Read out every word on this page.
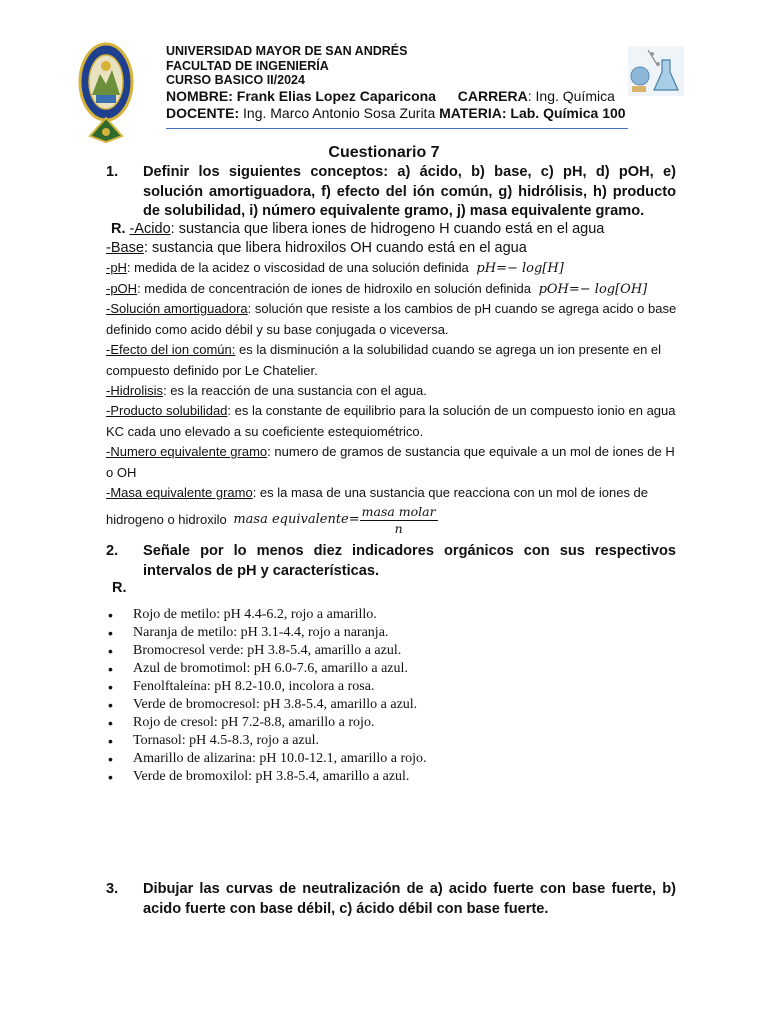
UNIVERSIDAD MAYOR DE SAN ANDRÉS
FACULTAD DE INGENIERÍA
CURSO BASICO II/2024
NOMBRE: Frank Elias Lopez Caparicona CARRERA: Ing. Química
DOCENTE: Ing. Marco Antonio Sosa Zurita MATERIA: Lab. Química 100
Cuestionario 7
1. Definir los siguientes conceptos: a) ácido, b) base, c) pH, d) pOH, e) solución amortiguadora, f) efecto del ión común, g) hidrólisis, h) producto de solubilidad, i) número equivalente gramo, j) masa equivalente gramo.
R. -Acido: sustancia que libera iones de hidrogeno H cuando está en el agua
-Base: sustancia que libera hidroxilos OH cuando está en el agua
-pH: medida de la acidez o viscosidad de una solución definida pH=− log[H]
-pOH: medida de concentración de iones de hidroxilo en solución definida pOH=− log[OH]
-Solución amortiguadora: solución que resiste a los cambios de pH cuando se agrega acido o base definido como acido débil y su base conjugada o viceversa.
-Efecto del ion común: es la disminución a la solubilidad cuando se agrega un ion presente en el compuesto definido por Le Chatelier.
-Hidrolisis: es la reacción de una sustancia con el agua.
-Producto solubilidad: es la constante de equilibrio para la solución de un compuesto ionio en agua KC cada uno elevado a su coeficiente estequiométrico.
-Numero equivalente gramo: numero de gramos de sustancia que equivale a un mol de iones de H o OH
-Masa equivalente gramo: es la masa de una sustancia que reacciona con un mol de iones de hidrogeno o hidroxilo masa equivalente= $\frac{\text{masa molar}}{n}$
2. Señale por lo menos diez indicadores orgánicos con sus respectivos intervalos de pH y características.
R.
• Rojo de metilo: pH 4.4-6.2, rojo a amarillo.
• Naranja de metilo: pH 3.1-4.4, rojo a naranja.
• Bromocresol verde: pH 3.8-5.4, amarillo a azul.
• Azul de bromotimol: pH 6.0-7.6, amarillo a azul.
• Fenolftaleína: pH 8.2-10.0, incolora a rosa.
• Verde de bromocresol: pH 3.8-5.4, amarillo a azul.
• Rojo de cresol: pH 7.2-8.8, amarillo a rojo.
• Tornasol: pH 4.5-8.3, rojo a azul.
• Amarillo de alizarina: pH 10.0-12.1, amarillo a rojo.
• Verde de bromoxilol: pH 3.8-5.4, amarillo a azul.
3. Dibujar las curvas de neutralización de a) acido fuerte con base fuerte, b) acido fuerte con base débil, c) ácido débil con base fuerte.
